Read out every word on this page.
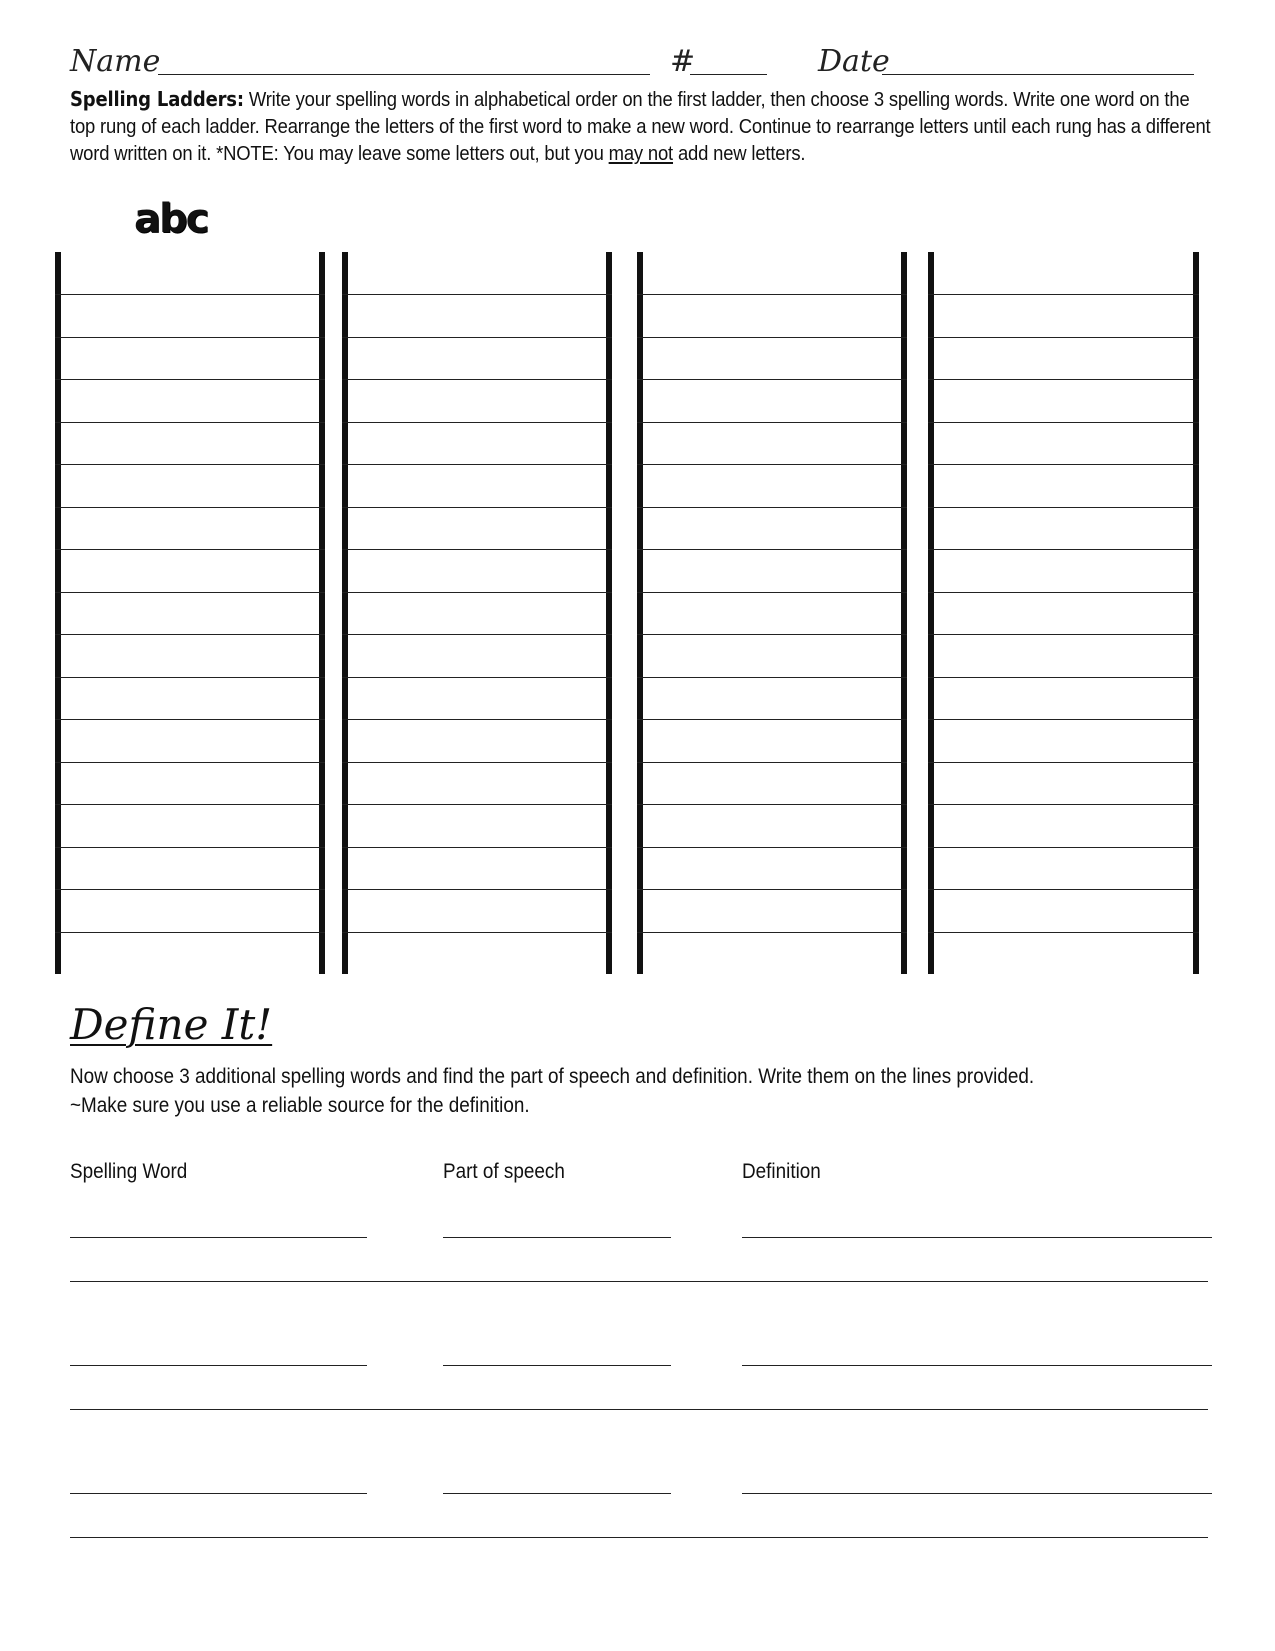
Name	#	Date
Spelling Ladders: Write your spelling words in alphabetical order on the first ladder, then choose 3 spelling words. Write one word on the top rung of each ladder. Rearrange the letters of the first word to make a new word. Continue to rearrange letters until each rung has a different word written on it. *NOTE: You may leave some letters out, but you may not add new letters.
abc
Define It!
Now choose 3 additional spelling words and find the part of speech and definition. Write them on the lines provided.
~Make sure you use a reliable source for the definition.
Spelling Word	Part of speech	Definition
